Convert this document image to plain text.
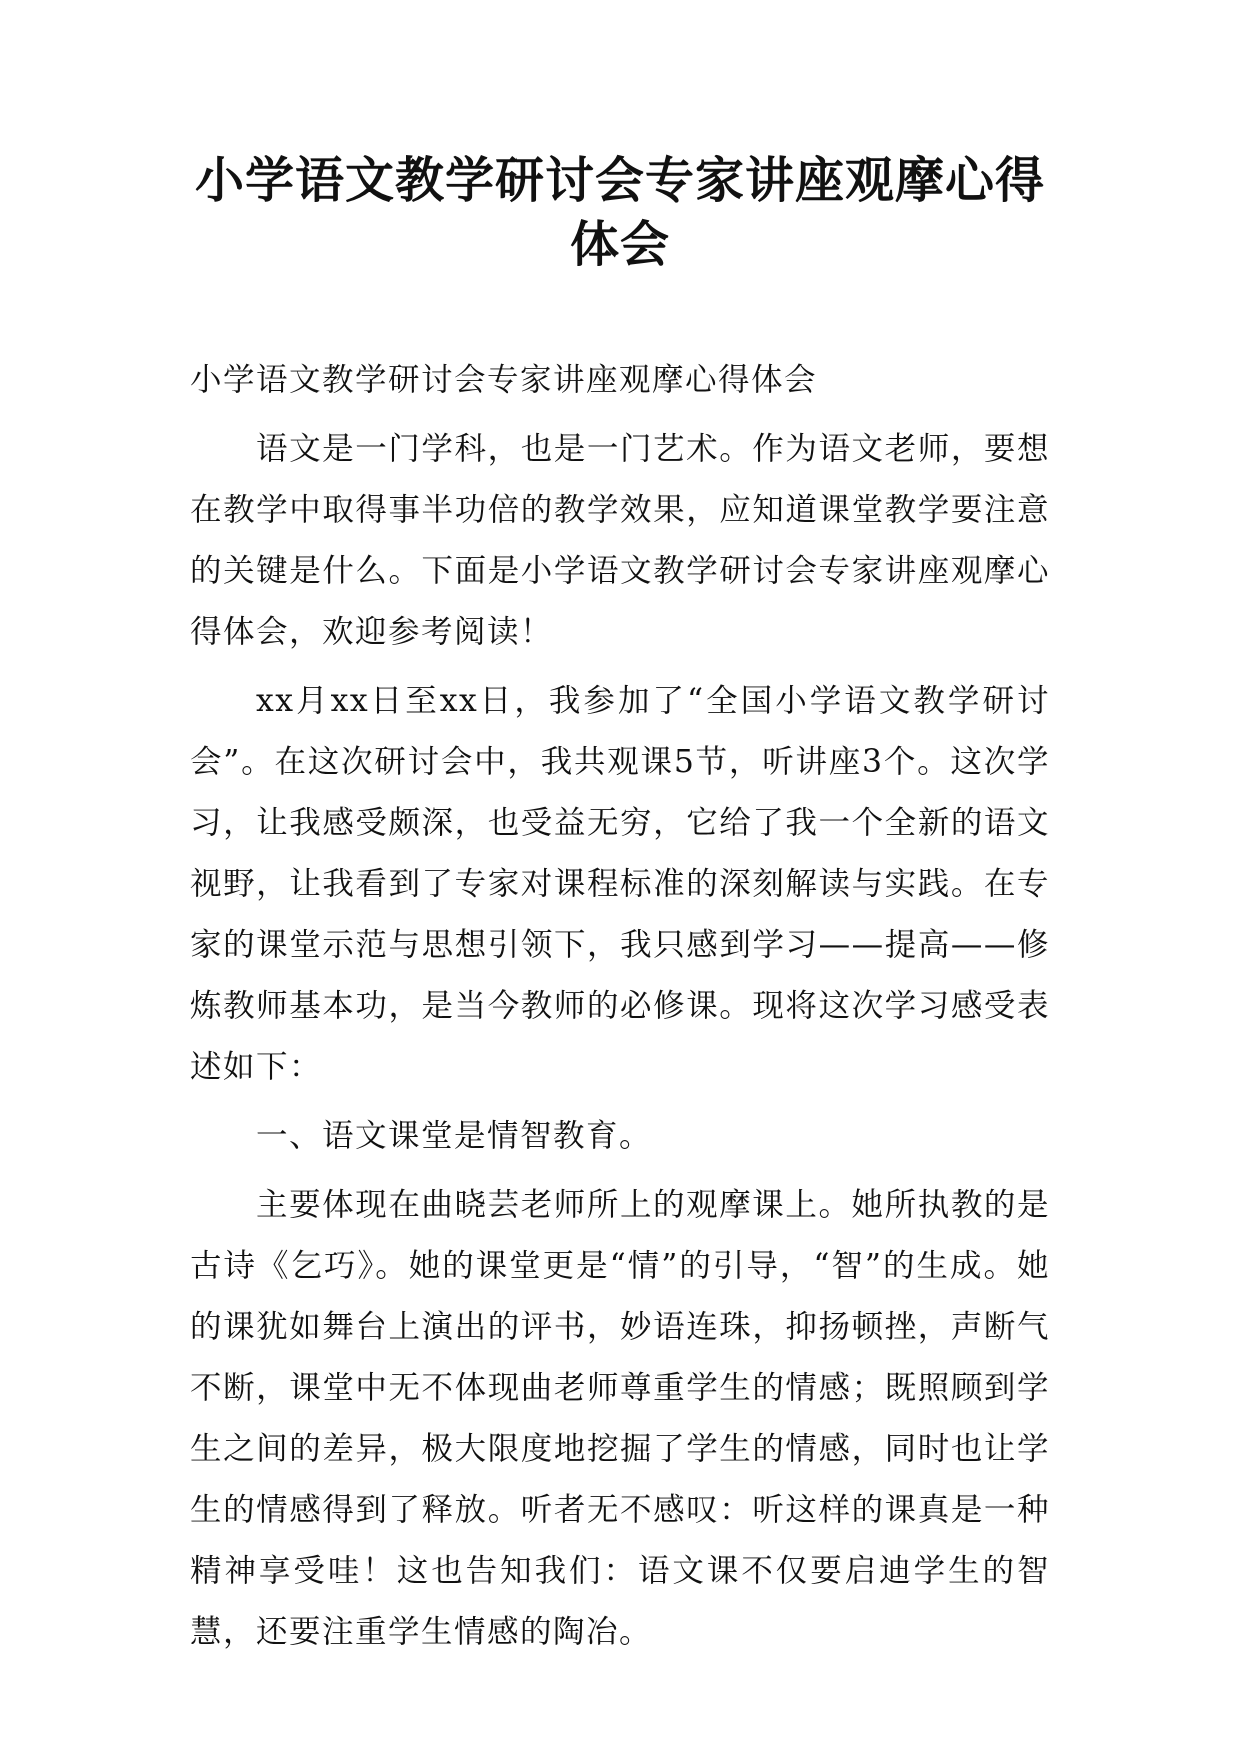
小学语文教学研讨会专家讲座观摩心得体会

小学语文教学研讨会专家讲座观摩心得体会

语文是一门学科，也是一门艺术。作为语文老师，要想在教学中取得事半功倍的教学效果，应知道课堂教学要注意的关键是什么。下面是小学语文教学研讨会专家讲座观摩心得体会，欢迎参考阅读！

xx月xx日至xx日，我参加了“全国小学语文教学研讨会”。在这次研讨会中，我共观课5节，听讲座3个。这次学习，让我感受颇深，也受益无穷，它给了我一个全新的语文视野，让我看到了专家对课程标准的深刻解读与实践。在专家的课堂示范与思想引领下，我只感到学习——提高——修炼教师基本功，是当今教师的必修课。现将这次学习感受表述如下：

一、语文课堂是情智教育。

主要体现在曲晓芸老师所上的观摩课上。她所执教的是古诗《乞巧》。她的课堂更是“情”的引导，“智”的生成。她的课犹如舞台上演出的评书，妙语连珠，抑扬顿挫，声断气不断，课堂中无不体现曲老师尊重学生的情感；既照顾到学生之间的差异，极大限度地挖掘了学生的情感，同时也让学生的情感得到了释放。听者无不感叹：听这样的课真是一种精神享受哇！这也告知我们：语文课不仅要启迪学生的智慧，还要注重学生情感的陶冶。
